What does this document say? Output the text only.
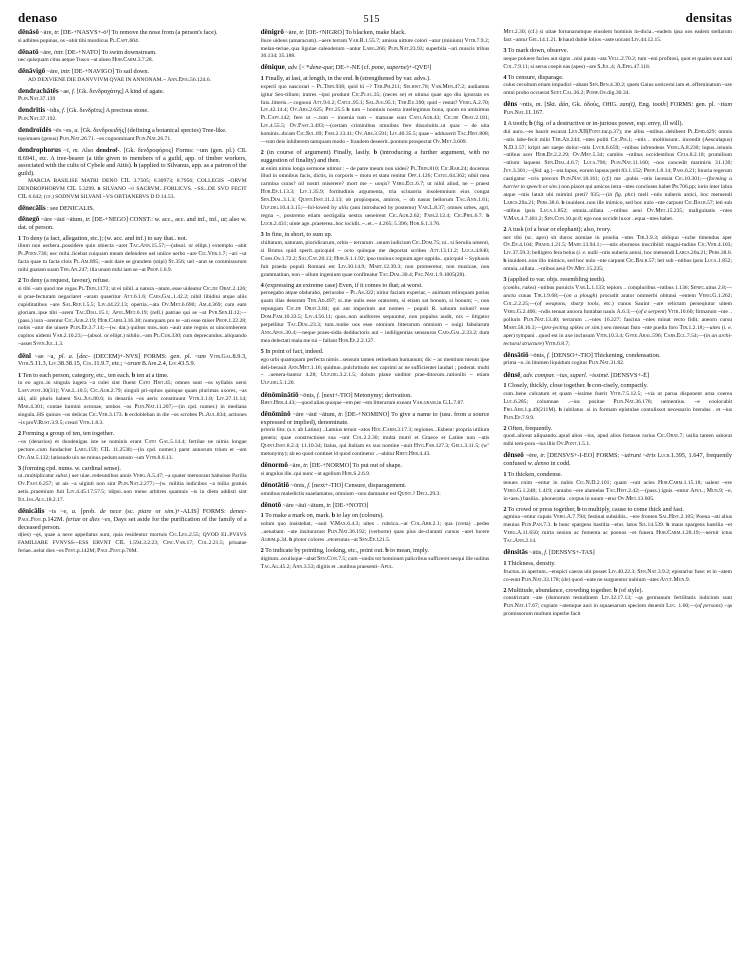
denaso	515	densitas
dēnāsō ~āre, tr. [DE-+NASVS+-ō¹] To remove the nose from (a person's face).
si adbites popinas, os ~abit tibi mordicus Pl.Capt.604.
dēnatō ~āre, intr. [DE-+NATO] To swim downstream.
nec quisquam citus aeque Tusco ~at alueo Hor.Carm.3.7.28.
dēnāvigō ~āre, intr. [DE-+NAVIGO] To sail down.
AD DEXVIENE DIE DANVVIVM QVAE IN ANNONAM.~ Ann.Epig.56.124.6.
dendrachātēs ~ae, f. [Gk. δενδραχάτης] A kind of agate.
Plin.Nat.37.139
dendrītis ~idis, f. [Gk. δενδρῖτις] A precious stone.
Plin.Nat.37.192.
dendroīdēs ~ēs ~es, a. [Gk. δενδροειδής] (defining a botanical species) Tree-like.
tφγύmaen (genus) Plin.Nat.26.71. ~es cognominant Plin.Nat.26.71.
dendrophorus ~ī, m. Also dendrof-. [Gk. δενδροφόρος] Forms: ~um (gen. pl.) CIL 8.6941, etc. A tree-bearer (a title given to members of a guild, app. of timber workers, associated with the cults of Cybele and Attis). b (applied to Silvanus, app. as a patron of the guild).
MARCIA BASILISE MATRI DENO CIL 3.7505; 6.30973; 8.7956; COLLEGIS ~ORVM DENDROPHORVM CIL 5.3299. b SILVANO ~ó SACRVM...FORLICVS. ~SS...DE SVO FECIT CIL 6.642; (cf.) SODNVM SILVANI ~VS OBTIANERVS D D 14.53.
dēnecālis : see DENICALIS.
dēnegō ~āre ~āuī ~ātum, tr. [DE-+NEGO] CONST.: w. acc., acc. and inf., inf., ut; also w. dat. of person.
1 To deny (a fact, allegation, etc.); (w. acc. and inf.) to say that.. not.
illum non uerbera..possidere quin obiecta ~aret Tac.Ann.15.57;—(absol. or ellipt.) extemplo ~abit Pl.Poen.736; nec mihi..licebat cuiquam meam defendere uel uniice uerbo ~are Cic.Ver.1.7; ~ari ~ut facta quae tu facta clois Pl.Am.895; ~auit dare se grandem (stipi) St.356; uel ~arat se commissurum mihi gnatam suam Ter.An.247; illa unam mihi iam se ~at Prop.1.6.9.
2 To deny (a request, favour), refuse.
si tibi ~am quod me rogas Pl.Trin.1173; ut ei nihil..a natura ~atum..esse uideatur Cic.de Orat.2.126; si prae-fecturam negaclaret ~aram quaeritur Att.6.1.6; Caes.Gal.1.42.2; nihil libidini atque aliis cupiditatibus ~are Sal.Rep.1.5.5; Liv.44.22.13; opertia..~ata Ov.Met.6.690; Am.4.369; cum eam gloriam..ipse tibi ~arem Tac.Dial.15.1; Apul.Met.6.19; (refl.) patriae qui se ~at Pvb.Sen.II.12;—(pass.) iura ~arentur Cic.Agr.2.19; Hor.Carm.3.16.38; numquam pro te ~ati esse miser Prop.1.22.28; nobis ~atur die uiuere Plin.Ep.3.7.14;—(w. dat.) quibus mos..non ~auit ante regnis ut uincomberent cupitos uidemi Var.2.10.23;—(absol. or ellipt.) nihilo..~am Pl.Cur.330; cum deprecandus..aliquando ~asset Sven.Jul.1.3.
dēnī ~ae ~a, pl. a. [dec- (DECEM)+-NVS] FORMS: gen. pl. ~um Vitr.Gal.8.9.3, Vitr.5.11.3, Liv.38.38.15, Col.11.9.7, etc.; ~orum B.Afr.2.4, Liv.43.5.9.
1 Ten to each person, category, etc., ten each. b ten at a time.
in eo agro..in singula iugera ~a culei sint fluent Cato Hist.45; omnes sunt ~os syllabis uersi Laev.post.30(31); Var.L.10.5; Cic.Agr.2.79; singuli pri-ophos quinque quam plurimas uxores, ~as alii, alii pluris habent Sal.Jug.80.6; in denariis ~os aeris constituunt Vitr.3.1.8; Liv.27.11.14; Mar.4.301; contae humini octonae, umbos ~os Plin.Nat.11.207;—(in cpd. numer.) in mediana singula..HS quinos ~os delicas Cic.Ver.3.173. b ecdobleban in die ~os scrobes Pl.Aul.834; actiones ~is proV.Rust.3.9.5; creari Vitr.1.8.3.
2 Forming a group of ten, ten together.
~os (denarios) et duodenigas iste se nominis erant Cato Gal.5.14.4; fertilae ne nimis longae pectore..cum fundacher Larg.159; CIL 11.2538;—(in cpd. numer.) parst annorum trium et ~um Ov.Am.5.132; latissudo uix ne minus pedum senum ~um Vitr.8.6.13.
3 (forming cpd. nums. w. cardinal sense).
ut..multiplicatur subst.) uer uiae..redeuntibus anuis Verg.A.5.47; ~a quater memorant habuisse Parilia Ov.Fast.6.257; ut ais ~a uiginti non sint Plin.Nat.2.277;—(w. militia indicibus ~a milia gratuis aetis..praemium fuit Liv.4.45.17.57.5; idipsi..non mene arbitres quamuis ~is in diem addisti sint Iul.Ivs.Alg.18.2.17.
dēnicālis ~is ~e, a. [prob. de nece (sc. piare or sim.)+-ALIS] FORMS: denec- Paul.Fest.p.142M. feriae or dies ~es, Days set aside for the purification of the family of a deceased person.
d(ies) ~ęś, quae a nece appellatus sunt, quia residentur mortuis Cic.Leg.2.55; QVOD EI..PVSVS FAMILIARE FVNVSS-~ESS ERVNT CIL 1.594.3.2.23; Cinc.Var.17; Col.2.21.5; priuatae feriae..uelut dies ~es Fest.p.142M; Paul.Fest.p.70M.
dēnigrō ~āre, tr. [DE-+NIGRO] To blacken, make black.
lluce uidens (amaracum)..~aere terram Var.R.1.55.7; amissa uittute colori ~atur (minium) Vitr.7.9.2; melan-teriae..qua ligulae caleoderum ~antur Larg.266; Plin.Nat.23.93; superbila ~ari muscis tribus 30.134; 35.188.
dēnique, adv. [< *dene-que; DE-+-NE (cf. pone, superne)+-QVE²]
1 Finally, at last, at length, in the end. b (strengthened by var. advs.).
experiī quo nascorari ~ Pl.Trin.938; quid hī ~? Ter.Ph.211; Sis.hist.78; Var.Men.47.2; audiamus igitur Sex-tilium; iratres ~ipsi produnt Cic.Flac.35; (neces se) et uituna quae ago diu ignorata ex fuis..litteris..~ cognoui Att.9.6.2; Catul.95.1; Sal.Jug.95.1; Ter.Eu.390; quid ~ restat? Verg.A.2.70; Liv.42.14.4; Ov.Ars.2.625; Pet.25.5 b tum ~ hominis nostra intellegimus bona, quom ea amisimus Pl.Capt.142; fere ut ~..tum ~ inuenia tum ~ maturae sunt Cato.Agr.43; Cic.de Orat.2.181; Liv.4.55.5; Ov.Fast.3.493;—(certam criminibus omnibus fere dissoluitis..ut quac ~ de uita hominis..dicam Cic.Sul.69; Fam.2.13.41; Ov.Ars.3.591; Liv.40.35.5; quae ~ adduxerit Tac.Hist.808;—tum deis inhiberem tamquam modo ~ fraudem deseerit..pontum prospectat Ov.Met.3.609.
2 (in course of argument) Finally, lastly. b (introducing a further argument, with no suggestion of finality) and then.
at enim nimis longa sermone utimur : ~ de patre meum non uides? Pl.Trin.810; Cic.Rab.24; docemus illud in omnibus facis, dictis, in corporis ~ motu et statu renitur Off.1.126; Catul.64.362; nihil mea carmina curas? nil nostri miserere? mort me ~ uoqis? Verg.Ecl.6.7; ut nihil aliud, ne ~ praest Hor.Ep.1.13.3; Liv.1.35.9; fortitudinis argumenta, tria scinaoria insolemnium eius congat Sen.Dial.3.1.3; Quint.Inst.11.2.13; ob propioquos, amicos, ~ ob nasus bellorum Tac.Ann.1.61; Ulp.dig.10.4.3.15;—fol-lowed by aliis (ann introduced by postemo) Var.L.8.37; omnes urbes, agri, regna ~, postremo etiam uectigalia uestra ueneirent Cic.Agr.2.62; Fam.2.12.4; Cic.Phil.6.7. b Lucr.2.431; uinte age..praeterea..hoc iocidit..~..et..~ 4.265; 5.396; Hor.S.1.3.76.
3 In fine, in short, to sum up.
chiltatum, naturam, pioridicarum, orbis ~ terrarum ..unum iudicium Cic.Dom.75; ni.. si Serulia umenti, si Brutus quid sperit..quicquid ~ octo quinque me deportat scribes Att.13.11.2; Luca.4.840; Cars.Ov.1.72.2; Sal.Cat.20.13; Hor.S.1.1.92; ipso toninux regnum ager oppida.. quicquid ~ Syphaois fuit praeda populi Romani est Liv.30.14.9; Mart.12.39.3; non promeretur, non musicae, non grammatitan, non ~ ullum ingenium quae confiteatur Tac.Dial.30.4; Pac.Nat.1.9.1005(28).
4 (expressing an extreme case) Even, if it comes to that; at worst.
pernegabo atque obdurabo, periurabo ~ Pl.As.322; nitiur faciam experiar, ~ animam relinquam potius quam illas deseram Ter.Ad.497; si..me uulis esse oratorem, si etiam sat bonum, si bonum; ~, non repungam Cic.de Orat.3.84; qui aut imperium aut nomen ~ populi R. saluum nolunt? esse Dom.Fam.10.33.5; Liv.4.56.11; quos..non auditores sequuntur, non populus audit, nix ~ litigator perpellitur Tac.Dial.23.3; tum..tunbe uos esse omnium litterarum omnium ~ ouigi fabularum Ann.Apol.30.4;—neque praes-sidia dedductoris aut ~ indiligentias sensauros Caes.Gal.2.33.2; dum mea delectati mala me tui ~ fallant Hor.Ep.2.2.127.
5 In point of fact, indeed.
ego urbi quamquam perfecta nimis ..sensum tamen retinebam humanum; dic ~ ac mentium meum ipse deli-berauit Ann.Met.1.16; quidtuo..pulchritudo nec caprimi ac ne sufficienter laudari ; poderat. multi ~ ..uenera-bantur 4.28; Ulp.dig.3.2.1.5; dolum plane unditor prae-ditorum..rationibi ~ etiam Ulp.dig.5.1.20.
dēnōminātiō ~ōnis, f. [next+-TIO] Metonymy; derivation.
Rhet.Her.4.43;—quod alias quoque ~em per ~em litterarum exeant Var.gram.in G.L.7.87.
dēnōminō ~āre ~āuī ~ātum, tr. [DE-+NOMINO] To give a name to (usu. from a source expressed or implied), denominate.
prioris litu: (s.v. ab Latino) ..Latnius terunt ~atos Hoc.Carm.3.17.3; regiones...Esbent: propria utilium genera; quae constructione sua ~unt Col.2.2.30; multa mutri et Graece et Latine non ~atis Quint.Inst.8.2.4; 11.10.34; Italus, qui Italiam ex suo nomine ~auit Hyg.Fab.127.3; Gell.3.11.5; (w'' metonymy); ab eo quod continet id quod continetur ..~abitur Rhet.Her.4.43.
dēnormō ~āre, tr. [DE-+NORMO] To put out of shape.
si angulus ille..qui nunc ~at agellum Hor.S.2.6.9.
dēnotātiō ~ōnis, f. [next+-TIO] Censure, disparagement.
omnibus maledictis suaelamatus, omnium ~ono damnatur est Quint.? Decl.29.3.
dēnotō ~āre ~āuī ~ātum, tr. [DE-+NOTO]
1 To make a mark on, mark. b to lay on (colours).
solum quo insistebat, ~auit V.Max.6.4.3; ultes . rubrica..~at Col.Arb.2.1; qua (creta) ..pedes ..uenabant. ~ate insiturarust Plin.Nat.36.192; (verborte) quas pius de-claranti cursus ~aret lucere Agrim.p.34. b plotor colores ..etcerunus ~at Sen.Ep.121.5.
2 To indicate by pointing, looking, etc., point out. b to mean, imply.
digitum..oculisque ~abat Sen.Con.7.5; cum ~undis tot hominum palicribus sufficeret sesqui ille uulitus Tac.Ag.45.2; Ann.3.53; digitis et ..nutibus praesenti- Apul.
Met.2.30; (cf.) si uitae fortunarumque eiusdem hominis in-dicia..~eadem ipsa uos eadem stellarum fact ~antur Gel.14.1.21. b haud dubie lolios ~aste uocant Liv.44.12.15.
3 To mark down, observe.
neque poluere facies aut signs ..nisi pauta ~ata Vell.2.70.2; tum ~eni profitosi, quot et quales sunt nati Col.7.9.11; si serus coepit eas (apes) ~are S.Jul.4; A.Epig.47.118.
4 To censure, disparage.
culus cecultum etiam impudici ~abant Sen.Ben.4.30.2; quem Gaius uoticerni iam et..effeminatum ~are omni probo occuerat Suet.Cal.36.2; Pomp.Ov.dig.30.34.
dēns ~ntis, m. [Skt. dán, Gk. ὀδούς, OHG. zan(t), Eng. tooth] FORMS: gen. pl. ~tium Plin.Nat.11.167.
1 A tooth; b (fig. of a destructive or in-jurious power, esp. envy, ill will).
dui auro..~es haurit escarat Lex.XII(Font.tur.p.37); me albis ~ntibus..dehibent Pl.Epid.429; omnis ~ntis labe-fecit mihi Ter.Ad.244; ~ntes politi Cic.Pis.1; ~ntis .. molitissunt.. incendit (Aesculapus) N.D.3.57; kripit aer saepe dolor:~ntis Lvcr.6.659; ~ntibus infrendens Verg.A.8.230; lupus..ieiunis ~ntibus acer Hor.Ep.2.2.29; Ov.Met.5.34; cambis ~ntibus occidentibus Cels.8.2.18; prumilium ~ntium laquens Sen.Dial.4.6.7; Luca.796; Plin.Nat.11.160; ~nos concedit marmiris 31.139; Juv.3.301;—(fed. ag.) ~ota lupus, eorum lapsus petit 83.1.152; Prop.1.8.14; Pass.6.21; linuria regerum castigatur ~cris precors Plin.Nat.18.161; (cf.) me ..pubis ~ntis lacessat Cic.10.301;—(forming a barrier to speech or sim.) non placet qui amicos intra ~ntes concluses habet Pr.706.pp; iurin inter labra atque ~ntis latuit ubi mimini preti? 935;—(in fig. phr.) mell ~ntis nuberis amici, hoc metuendi Larcs.20a.21; Pers.38.6. b inuident..non ille inimico, sed hoc nulo ~nte carpunt Cic.Balb.57; leti sub ~ntibus ipsis Luca.1.852; omnia..uillata ..~ntibus aeui Ov.Met.15.235; maliguitatis ~ntes V.Max.4.7.481.2; Sen.Con.10.pr.8; ego non occidit luxor ..equa ~ntes habet.
2 A tusk (of a boar or elephant); also, ivory.
nec tibi (sc. apro) sit duros aceniae in proelia ~ntes Tib.3.9.3; obliquo ~ncbe timendus aper Ov.Ep.4.104; Phaed.1.21.5; Mart.13.94.1;—~ntis eburneos inscribild: magni-tudine Cic.Ver.4.103; Liv.37.59.3; belligero fera belus (i. e. nulli ~ntis nuberis amisi, hoc metuendi Larcs.20a.21; Pers.38.6. b inuident..non illo inimico, sed hoc nulo ~nte carpunt Cic.Balb.57; leti sub ~ntibus ipsis Luca.1.852; omnia..uillata ..~ntibus aeui Ov.Met.15.235;
3 (applied to var. objs. resembling teeth).
(combs, rakes) ~ntibus puruicis Var.L.1.133; teplors .. compluribus ~ntibus 1.136; Senec.uitus 2.8;—uncta cunas Tib.1.9.68;—(on a plough) procudit arator ommerbi obtunsi ~entem Verg.G.1.262; Col.2.2.25;—(of weapons, sharp tools, etc.) cunus Sauint ~are relictam perseqiutur uitem Verg.G.2.406; ~ndis tenuat anoora funtabat nauis A.6.3;—(of a serpent) Vitr.10.60; firmarum ~nte .. polluris Plin.Nat.13.40; terrarum ...~ntes 16.227; fascina ~ntes minat recto fidit, aneorn cursu Mart.58.16.3;—(pro-jecting spikes or sim.) seu mensat fisto ~nte puella foro Tib.1.2.18;—uites (i. e. aper) tympani ..quod est in axe inclusum Vitr.10.3.4; Gvee.Aral.596; Cars.Ecl.7.54;—(in an archi-tectural structure) Vitr.6.8.7;
dēnsātiō ~ōnis, f. [DENSO+-TIO] Thickening, condensation.
prima ~o..in litumen liquidum cogitur Plin.Nat.31.82.
dēnsē, adv. compar. ~ius, superl. ~issimē. [DENSVS+-Ē]
1 Closely, thickly, close together. b con-cisely, compactly.
cum..bene calcatum et quam ~issime fuerit Vitr.7.5.12.5; ~via ut parua disponent arna coerea Luc.6.285; columnae ..~ius positae Plin.Nat.36.178; uementius. ~e coolocabit Fro.Aer.1.p.49(211M). b iubilatus .si in formam epistulae contulissot necessario brendus . et ~ius Plin.Ep.7.9.9.
2 Often, frequently.
quod..aliceat aliquando..apud alios ~ius, apud alios fortasse rarius Cic.Orat.7; usilia tamen saborat mihi tem-pora ~ius illis Ov.Pont.1.5.1.
dēnseō ~ēre, tr. [DENSVS+-I-EO] FORMS: ~uērunt ~ēris Lucr.1.395, 1.647, frequently confused w. denso in codd.
1 To thicken, condense.
tenues cnim ~entur in nubis Cic.N.D.2.101; quam ~unt acies Hor.Carm.1.15.18; ualent ~ere Vero.G.1.248; 1.419; cantabo ~ere alamelas Tac.Hist.2.42;—(pass.) ignis ~entur Apul.; Mun.9; ~e, in+aeu.) basilia.. phoneratia . corpus in uuum ~etur Ov.Met.13.605.
2 To crowd or press together, b to multiply, cause to come thick and fast.
agmina ~entur cupais Vero.A.7.794; festinat subsidiis.. ~ere fronten Sal.Hist.2.105; Poena ~ati alius meuius Plin.Pan.7.3. b hunc spargens hastilia ~etur. latus Sil.14.539. b maus spargens hastilia ~et Verg.A.11.650; mirta seniun ac fumenta ac poenos ~et funera Hor.Carm.1.28.19;—uernit ictus Tac.Ann.2.14.
dēnsitās ~ātis, f. [DENSVS+-TAS]
1 Thickness, density.
fructus..in apertum..~enspici caeras ubi posset Liv.40.22.3; Sen.Nat.3.9.2; epistariur fuse: et in ~atem co-eunt Plin.Nat.33.178; (de) quod ~eate ne surguentur nubium ~ates Avct.Mun.9.
2 Multitude, abundance, crowding together. b (of style).
constrictam ~ate (dumorum testudinem Liv.32.17.13; ~ąs germanum fertilitatis indicium sunt Plin.Nat.17.67; copiam ~atemque auri in squaesarum speciem deuenit Luc. 1.60;—(of persons) ~ąs promissorum multum inperbe facit
